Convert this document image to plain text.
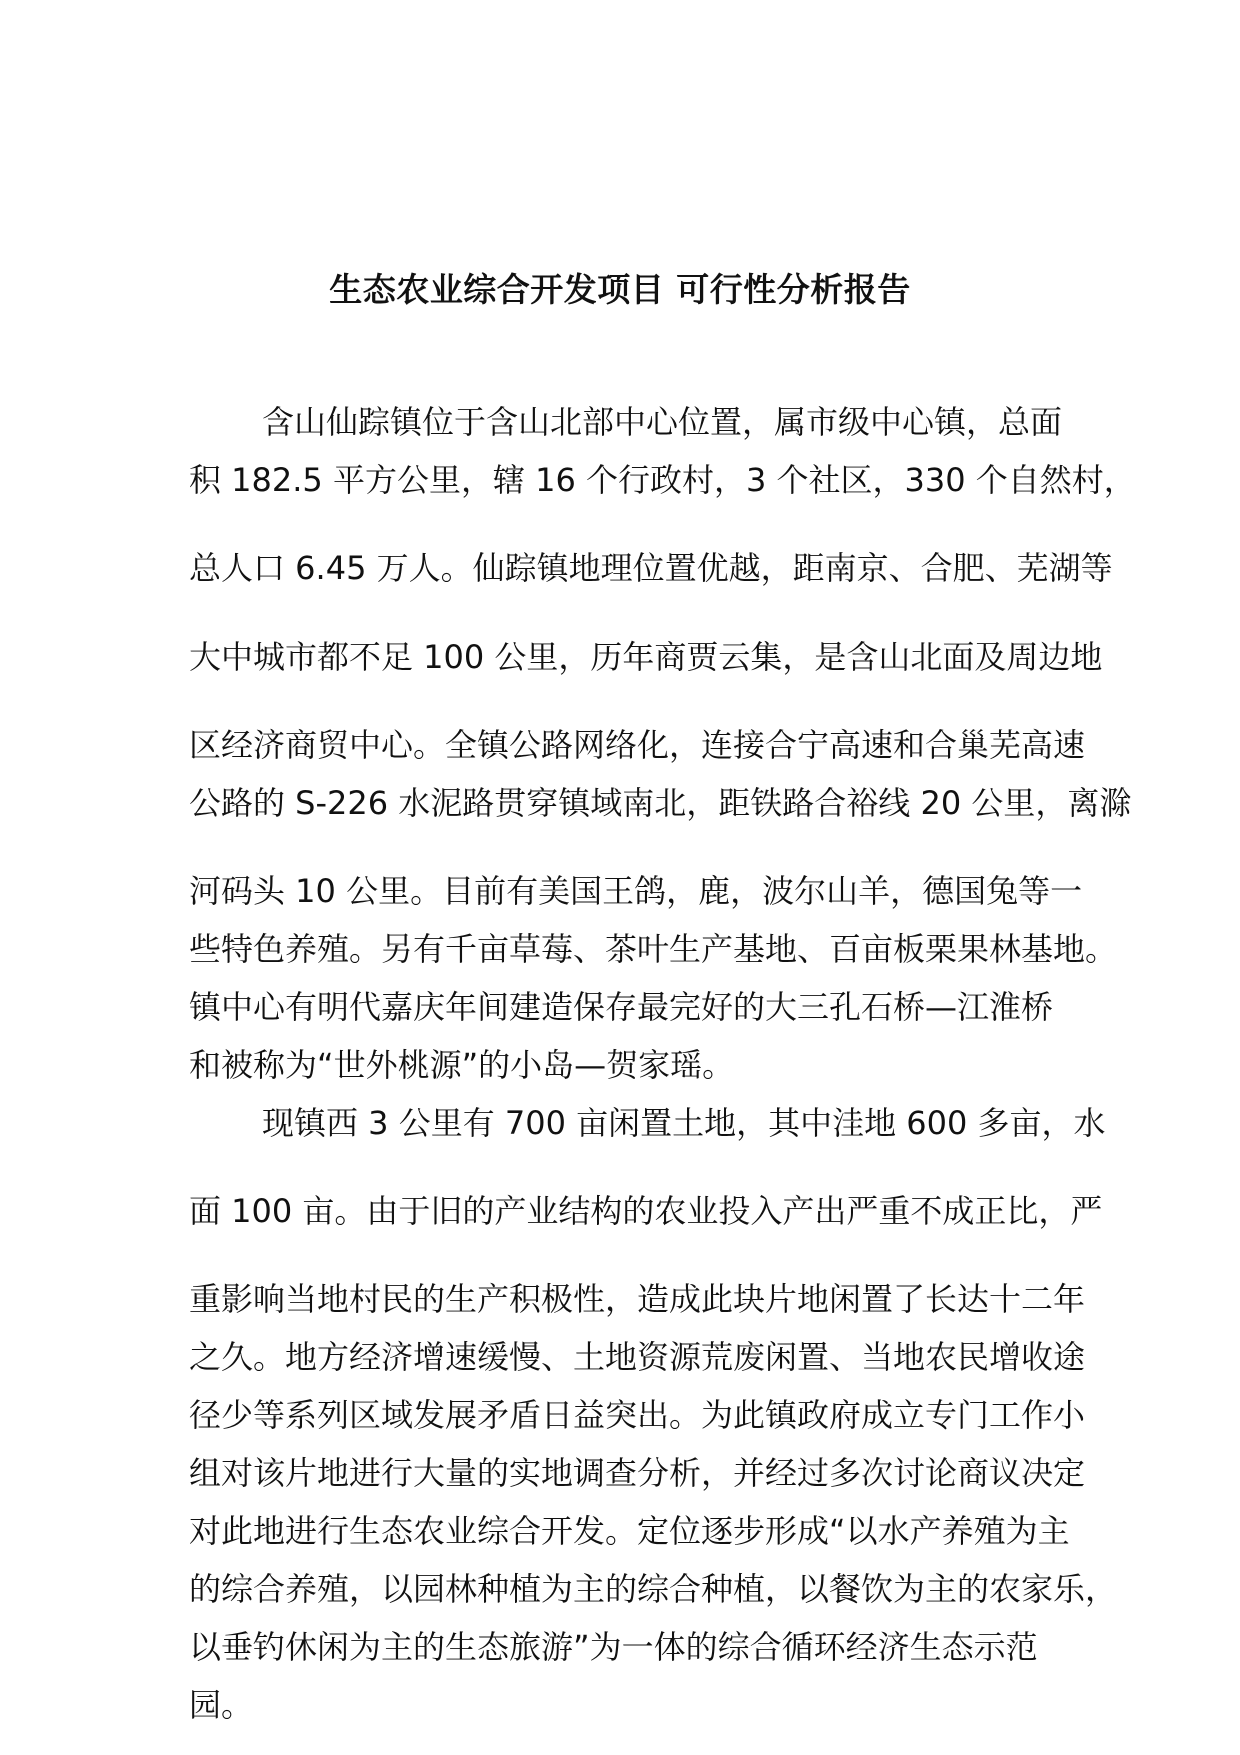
生态农业综合开发项目 可行性分析报告

含山仙踪镇位于含山北部中心位置，属市级中心镇，总面

积 182.5 平方公里，辖 16 个行政村，3 个社区，330 个自然村，

总人口 6.45 万人。仙踪镇地理位置优越，距南京、合肥、芜湖等

大中城市都不足 100 公里，历年商贾云集，是含山北面及周边地

区经济商贸中心。全镇公路网络化，连接合宁高速和合巢芜高速

公路的 S-226 水泥路贯穿镇域南北，距铁路合裕线 20 公里，离滁

河码头 10 公里。目前有美国王鸽，鹿，波尔山羊，德国兔等一

些特色养殖。另有千亩草莓、茶叶生产基地、百亩板栗果林基地。

镇中心有明代嘉庆年间建造保存最完好的大三孔石桥—江淮桥

和被称为“世外桃源”的小岛—贺家瑶。

现镇西 3 公里有 700 亩闲置土地，其中洼地 600 多亩，水

面 100 亩。由于旧的产业结构的农业投入产出严重不成正比，严

重影响当地村民的生产积极性，造成此块片地闲置了长达十二年

之久。地方经济增速缓慢、土地资源荒废闲置、当地农民增收途

径少等系列区域发展矛盾日益突出。为此镇政府成立专门工作小

组对该片地进行大量的实地调查分析，并经过多次讨论商议决定

对此地进行生态农业综合开发。定位逐步形成“以水产养殖为主

的综合养殖，以园林种植为主的综合种植，以餐饮为主的农家乐，

以垂钓休闲为主的生态旅游”为一体的综合循环经济生态示范

园。
